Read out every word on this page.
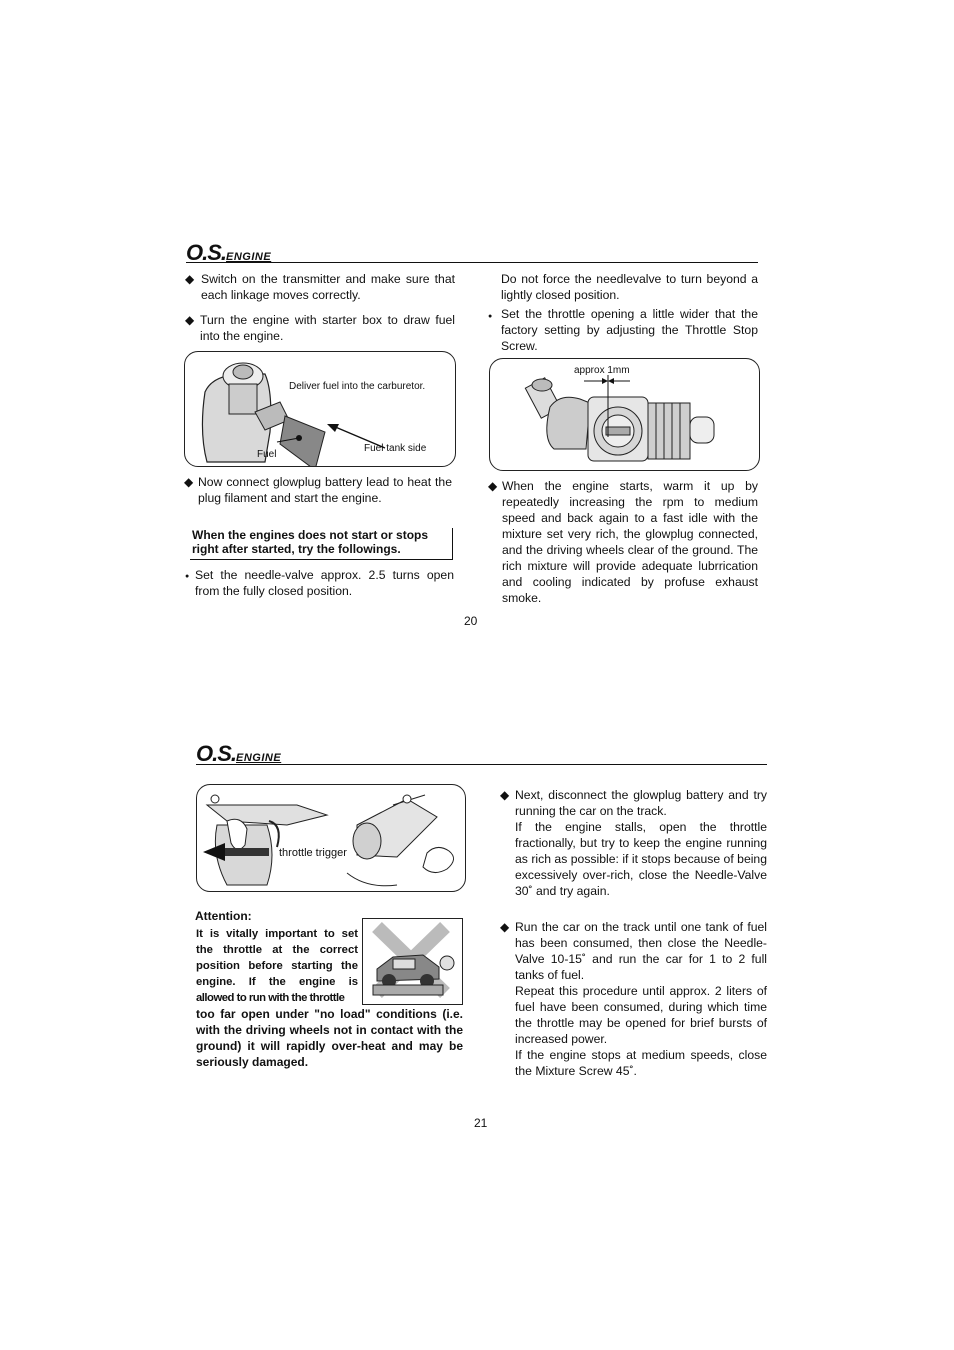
O.S.ENGINE
◆ Switch on the transmitter and make sure that each linkage moves correctly.
◆ Turn the engine with starter box to draw fuel into the engine.
Deliver fuel into the carburetor.
Fuel
Fuel tank side
◆ Now connect glowplug battery lead to heat the plug filament and start the engine.
When the engines does not start or stops right after started, try the followings.
● Set the needle-valve approx. 2.5 turns open from the fully closed position.
Do not force the needlevalve to turn beyond a lightly closed position.
● Set the throttle opening a little wider that the factory setting by adjusting the Throttle Stop Screw.
approx 1mm
◆ When the engine starts, warm it up by repeatedly increasing the rpm to medium speed and back again to a fast idle with the mixture set very rich, the glowplug connected, and the driving wheels clear of the ground. The rich mixture will provide adequate lubrrication and cooling indicated by profuse exhaust smoke.
20
O.S.ENGINE
throttle trigger
Attention:
It is vitally important to set
the throttle at the correct
position before starting the
engine. If the engine is
allowed to run with the throttle
too far open under "no load" conditions (i.e. with the driving wheels not in contact with the ground) it will rapidly over-heat and may be seriously damaged.
◆ Next, disconnect the glowplug battery and try running the car on the track.
If the engine stalls, open the throttle fractionally, but try to keep the engine running as rich as possible: if it stops because of being excessively over-rich, close the Needle-Valve 30˚ and try again.
◆ Run the car on the track until one tank of fuel has been consumed, then close the Needle-Valve 10-15˚ and run the car for 1 to 2 full tanks of fuel.
Repeat this procedure until approx. 2 liters of fuel have been consumed, during which time the throttle may be opened for brief bursts of increased power.
If the engine stops at medium speeds, close the Mixture Screw 45˚.
21
